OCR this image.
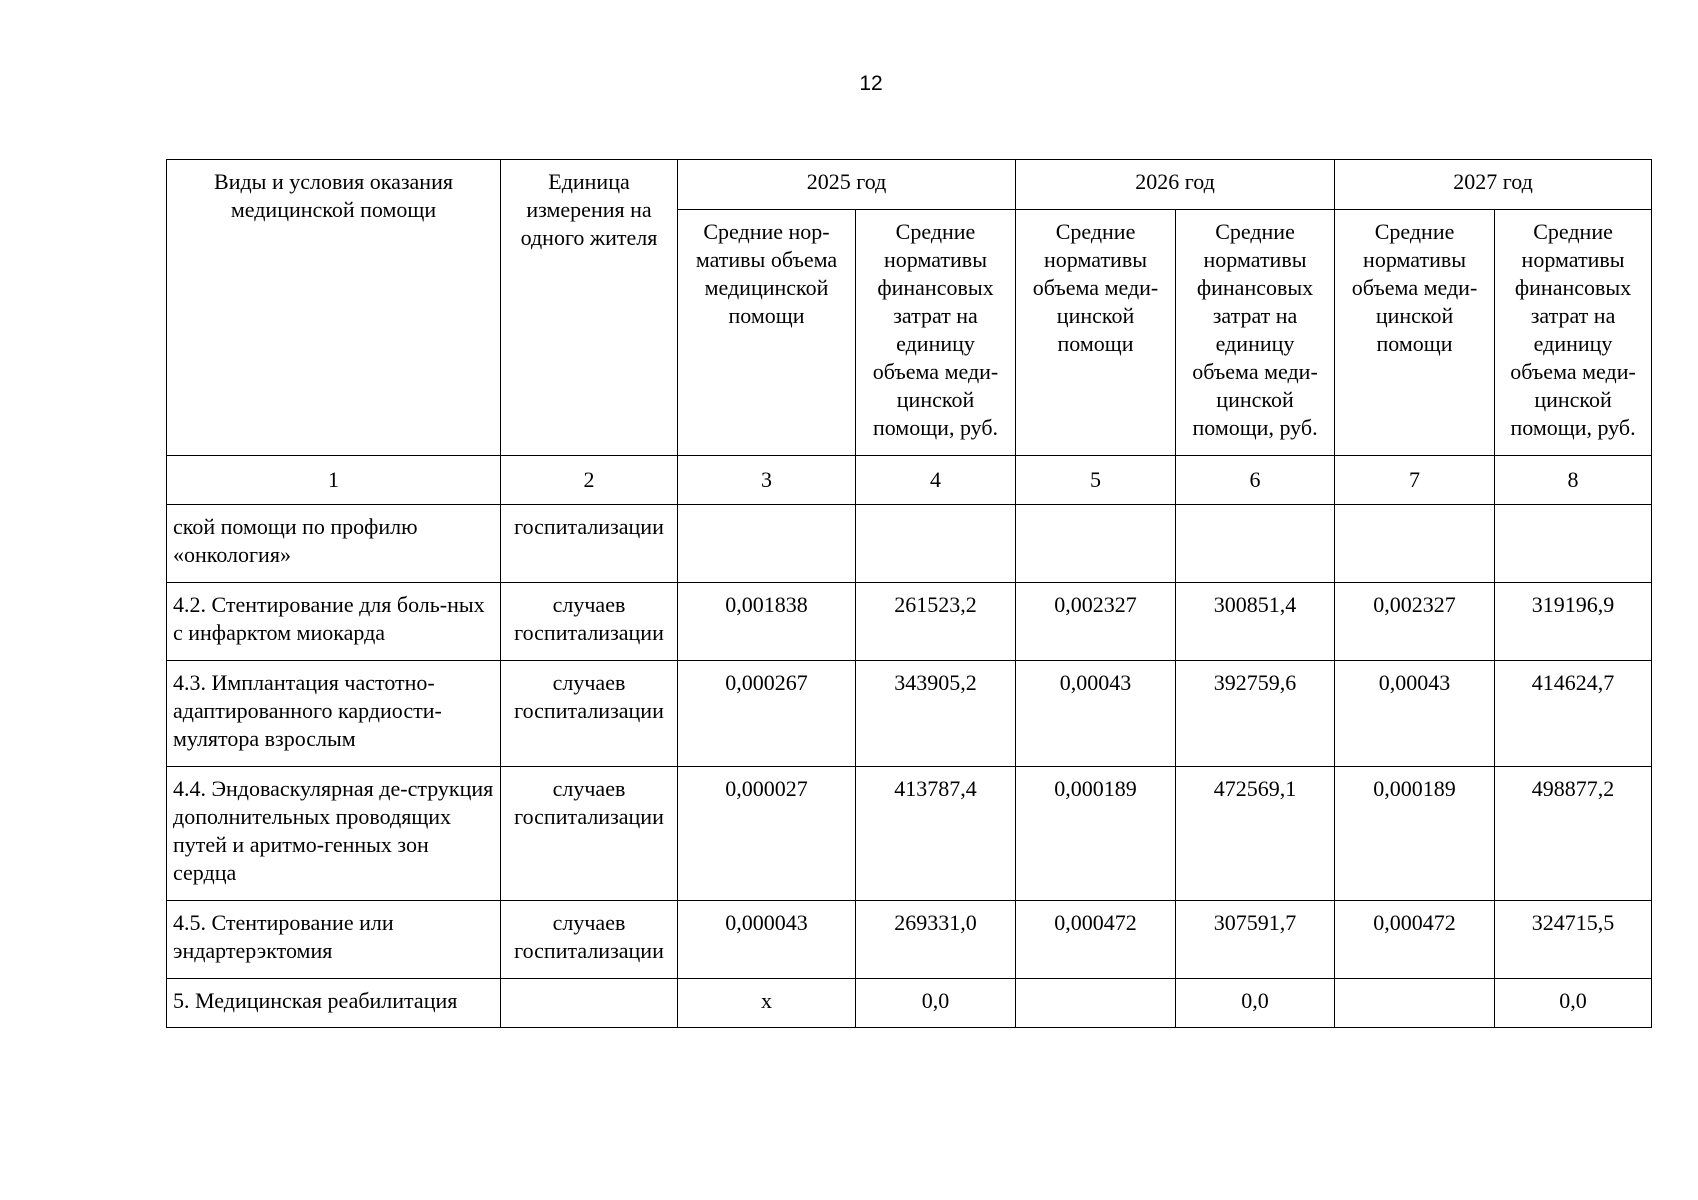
12
Виды и условия оказания медицинской помощи	Единица измерения на одного жителя	2025 год		2026 год		2027 год	
		Средние нор-мативы объема медицинской помощи	Средние нормативы финансовых затрат на единицу объема меди-цинской помощи, руб.	Средние нормативы объема меди-цинской помощи	Средние нормативы финансовых затрат на единицу объема меди-цинской помощи, руб.	Средние нормативы объема меди-цинской помощи	Средние нормативы финансовых затрат на единицу объема меди-цинской помощи, руб.
1	2	3	4	5	6	7	8
ской помощи по профилю «онкология»	госпитализации						
4.2. Стентирование для боль-ных с инфарктом миокарда	случаев госпитализации	0,001838	261523,2	0,002327	300851,4	0,002327	319196,9
4.3. Имплантация частотно-адаптированного кардиости-мулятора взрослым	случаев госпитализации	0,000267	343905,2	0,00043	392759,6	0,00043	414624,7
4.4. Эндоваскулярная де-струкция дополнительных проводящих путей и аритмо-генных зон сердца	случаев госпитализации	0,000027	413787,4	0,000189	472569,1	0,000189	498877,2
4.5. Стентирование или эндартерэктомия	случаев госпитализации	0,000043	269331,0	0,000472	307591,7	0,000472	324715,5
5. Медицинская реабилитация		х	0,0		0,0		0,0
